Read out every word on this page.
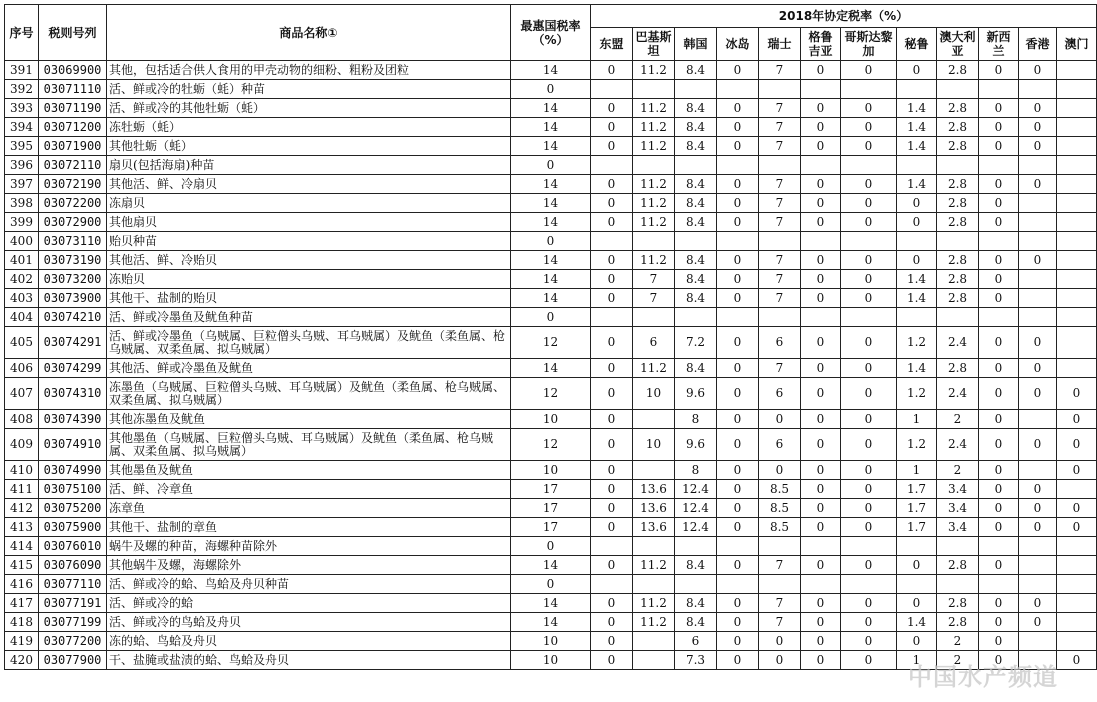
序号	税则号列	商品名称①	最惠国税率（%）	2018年协定税率（%）											
				东盟	巴基斯坦	韩国	冰岛	瑞士	格鲁吉亚	哥斯达黎加	秘鲁	澳大利亚	新西兰	香港	澳门
391	03069900	其他，包括适合供人食用的甲壳动物的细粉、粗粉及团粒	14	0	11.2	8.4	0	7	0	0	0	2.8	0	0	
392	03071110	活、鲜或冷的牡蛎（蚝）种苗	0												
393	03071190	活、鲜或冷的其他牡蛎（蚝）	14	0	11.2	8.4	0	7	0	0	1.4	2.8	0	0	
394	03071200	冻牡蛎（蚝）	14	0	11.2	8.4	0	7	0	0	1.4	2.8	0	0	
395	03071900	其他牡蛎（蚝）	14	0	11.2	8.4	0	7	0	0	1.4	2.8	0	0	
396	03072110	扇贝(包括海扇)种苗	0												
397	03072190	其他活、鲜、冷扇贝	14	0	11.2	8.4	0	7	0	0	1.4	2.8	0	0	
398	03072200	冻扇贝	14	0	11.2	8.4	0	7	0	0	0	2.8	0		
399	03072900	其他扇贝	14	0	11.2	8.4	0	7	0	0	0	2.8	0		
400	03073110	贻贝种苗	0												
401	03073190	其他活、鲜、冷贻贝	14	0	11.2	8.4	0	7	0	0	0	2.8	0	0	
402	03073200	冻贻贝	14	0	7	8.4	0	7	0	0	1.4	2.8	0		
403	03073900	其他干、盐制的贻贝	14	0	7	8.4	0	7	0	0	1.4	2.8	0		
404	03074210	活、鲜或冷墨鱼及鱿鱼种苗	0												
405	03074291	活、鲜或冷墨鱼（乌贼属、巨粒僧头乌贼、耳乌贼属）及鱿鱼（柔鱼属、枪乌贼属、双柔鱼属、拟乌贼属）	12	0	6	7.2	0	6	0	0	1.2	2.4	0	0	
406	03074299	其他活、鲜或冷墨鱼及鱿鱼	14	0	11.2	8.4	0	7	0	0	1.4	2.8	0	0	
407	03074310	冻墨鱼（乌贼属、巨粒僧头乌贼、耳乌贼属）及鱿鱼（柔鱼属、枪乌贼属、双柔鱼属、拟乌贼属）	12	0	10	9.6	0	6	0	0	1.2	2.4	0	0	0
408	03074390	其他冻墨鱼及鱿鱼	10	0		8	0	0	0	0	1	2	0		0
409	03074910	其他墨鱼（乌贼属、巨粒僧头乌贼、耳乌贼属）及鱿鱼（柔鱼属、枪乌贼属、双柔鱼属、拟乌贼属）	12	0	10	9.6	0	6	0	0	1.2	2.4	0	0	0
410	03074990	其他墨鱼及鱿鱼	10	0		8	0	0	0	0	1	2	0		0
411	03075100	活、鲜、冷章鱼	17	0	13.6	12.4	0	8.5	0	0	1.7	3.4	0	0	
412	03075200	冻章鱼	17	0	13.6	12.4	0	8.5	0	0	1.7	3.4	0	0	0
413	03075900	其他干、盐制的章鱼	17	0	13.6	12.4	0	8.5	0	0	1.7	3.4	0	0	0
414	03076010	蜗牛及螺的种苗，海螺种苗除外	0												
415	03076090	其他蜗牛及螺，海螺除外	14	0	11.2	8.4	0	7	0	0	0	2.8	0		
416	03077110	活、鲜或冷的蛤、鸟蛤及舟贝种苗	0												
417	03077191	活、鲜或冷的蛤	14	0	11.2	8.4	0	7	0	0	0	2.8	0	0	
418	03077199	活、鲜或冷的鸟蛤及舟贝	14	0	11.2	8.4	0	7	0	0	1.4	2.8	0	0	
419	03077200	冻的蛤、鸟蛤及舟贝	10	0		6	0	0	0	0	0	2	0		
420	03077900	干、盐腌或盐渍的蛤、鸟蛤及舟贝	10	0		7.3	0	0	0	0	1	2	0		0
中国水产频道
